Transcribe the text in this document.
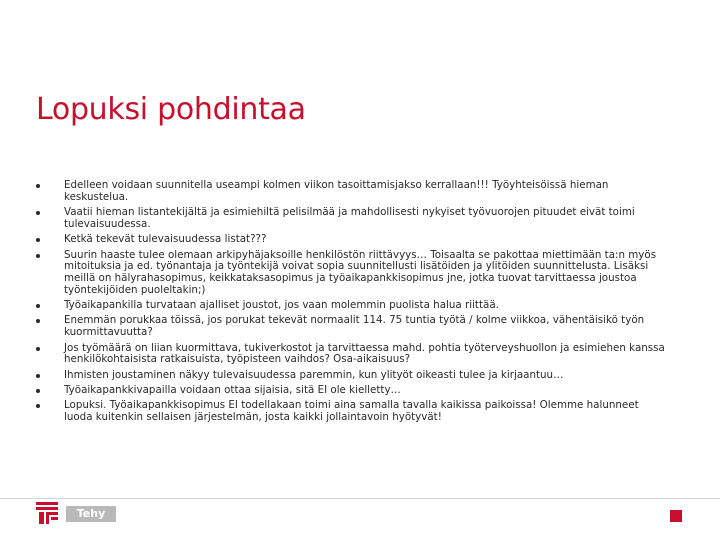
Lopuksi pohdintaa
Edelleen voidaan suunnitella useampi kolmen viikon tasoittamisjakso kerrallaan!!! Työyhteisöissä hieman keskustelua.
Vaatii hieman listantekijältä ja esimiehiltä pelisilmää ja mahdollisesti nykyiset työvuorojen pituudet eivät toimi tulevaisuudessa.
Ketkä tekevät tulevaisuudessa listat???
Suurin haaste tulee olemaan arkipyhäjaksoille henkilöstön riittävyys… Toisaalta se pakottaa miettimään ta:n myös mitoituksia ja ed. työnantaja ja työntekijä voivat sopia suunnitellusti lisätöiden ja ylitöiden suunnittelusta. Lisäksi meillä on hälyrahasopimus, keikkataksasopimus ja työaikapankkisopimus jne, jotka tuovat tarvittaessa joustoa työntekijöiden puoleltakin;)
Työaikapankilla turvataan ajalliset joustot, jos vaan molemmin puolista halua riittää.
Enemmän porukkaa töissä, jos porukat tekevät normaalit 114. 75 tuntia työtä / kolme viikkoa, vähentäisikö työn kuormittavuutta?
Jos työmäärä on liian kuormittava, tukiverkostot ja tarvittaessa mahd. pohtia työterveyshuollon ja esimiehen kanssa henkilökohtaisista ratkaisuista, työpisteen vaihdos? Osa-aikaisuus?
Ihmisten joustaminen näkyy tulevaisuudessa paremmin, kun ylityöt oikeasti tulee ja kirjaantuu…
Työaikapankkivapailla voidaan ottaa sijaisia, sitä EI ole kielletty…
Lopuksi. Työaikapankkisopimus EI todellakaan toimi aina samalla tavalla kaikissa paikoissa! Olemme halunneet luoda kuitenkin sellaisen järjestelmän, josta kaikki jollaintavoin hyötyvät!
Tehy
